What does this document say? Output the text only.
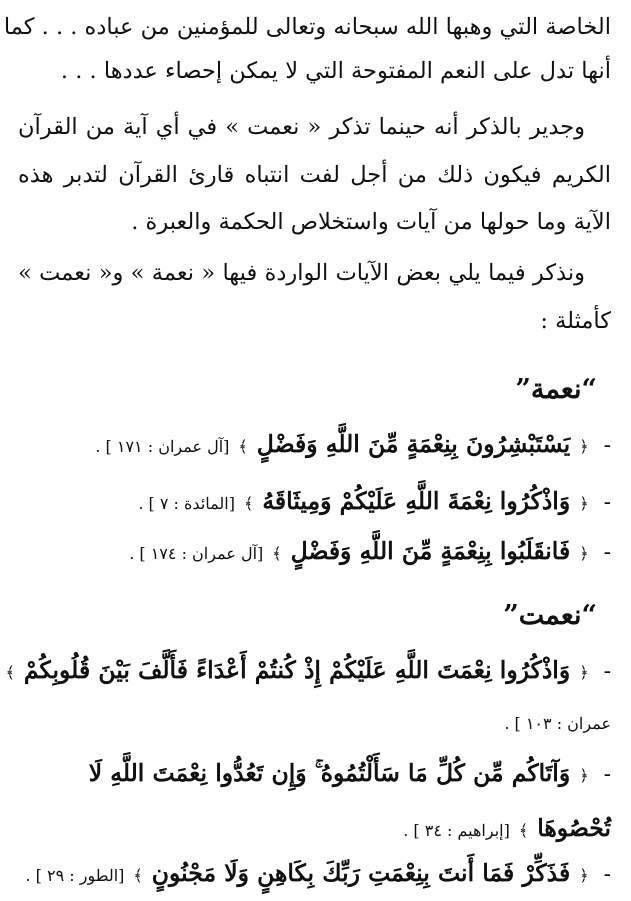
الخاصة التي وهبها الله سبحانه وتعالى للمؤمنين من عباده . . . كما
أنها تدل على النعم المفتوحة التي لا يمكن إحصاء عددها . . .
وجدير بالذكر أنه حينما تذكر « نعمت » في أي آية من القرآن
الكريم فيكون ذلك من أجل لفت انتباه قارئ القرآن لتدبر هذه
الآية وما حولها من آيات واستخلاص الحكمة والعبرة .
ونذكر فيما يلي بعض الآيات الواردة فيها « نعمة » و« نعمت »
كأمثلة :
“نعمة”
- ﴿ يَسْتَبْشِرُونَ بِنِعْمَةٍ مِّنَ اللَّهِ وَفَضْلٍ ﴾ [آل عمران : ١٧١ ] .
- ﴿ وَاذْكُرُوا نِعْمَةَ اللَّهِ عَلَيْكُمْ وَمِيثَاقَهُ ﴾ [المائدة : ٧ ] .
- ﴿ فَانقَلَبُوا بِنِعْمَةٍ مِّنَ اللَّهِ وَفَضْلٍ ﴾ [آل عمران : ١٧٤ ] .
“نعمت”
- ﴿ وَاذْكُرُوا نِعْمَتَ اللَّهِ عَلَيْكُمْ إِذْ كُنتُمْ أَعْدَاءً فَأَلَّفَ بَيْنَ قُلُوبِكُمْ ﴾
عمران : ١٠٣ ] .
- ﴿ وَآتَاكُم مِّن كُلِّ مَا سَأَلْتُمُوهُ ۚ وَإِن تَعُدُّوا نِعْمَتَ اللَّهِ لَا
تُحْصُوهَا ﴾ [إبراهيم : ٣٤ ] .
- ﴿ فَذَكِّرْ فَمَا أَنتَ بِنِعْمَتِ رَبِّكَ بِكَاهِنٍ وَلَا مَجْنُونٍ ﴾ [الطور : ٢٩ ] .
